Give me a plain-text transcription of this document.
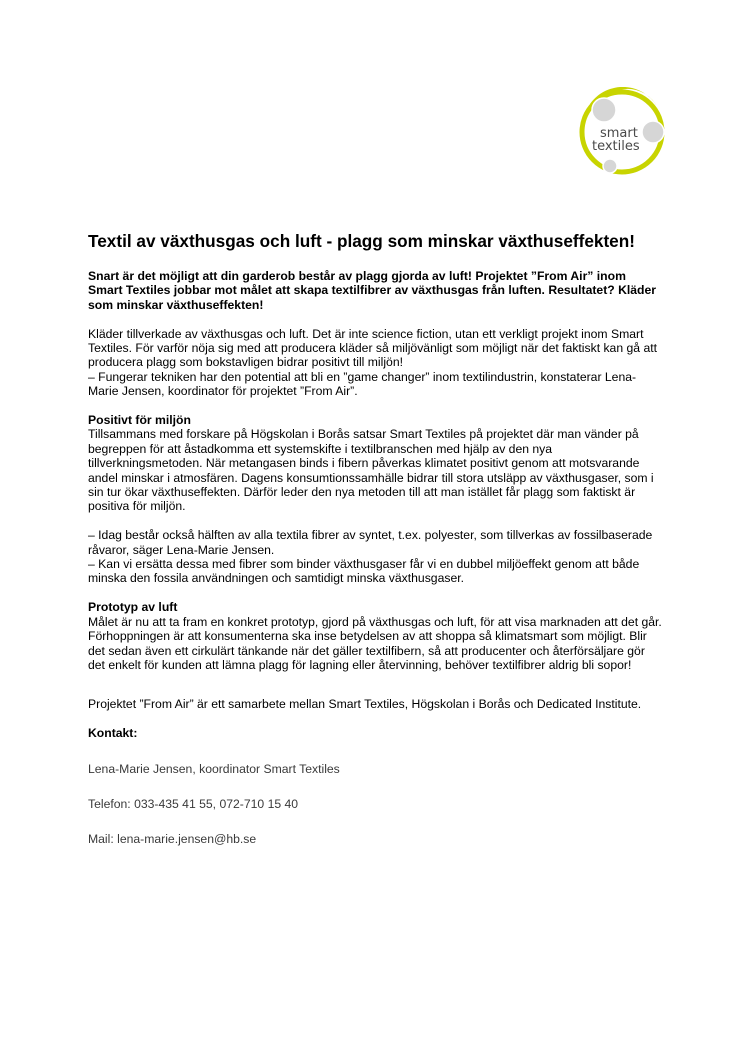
smart
textiles
Textil av växthusgas och luft - plagg som minskar växthuseffekten!

Snart är det möjligt att din garderob består av plagg gjorda av luft! Projektet ”From Air” inom Smart Textiles jobbar mot målet att skapa textilfibrer av växthusgas från luften. Resultatet? Kläder som minskar växthuseffekten!

Kläder tillverkade av växthusgas och luft. Det är inte science fiction, utan ett verkligt projekt inom Smart Textiles. För varför nöja sig med att producera kläder så miljövänligt som möjligt när det faktiskt kan gå att producera plagg som bokstavligen bidrar positivt till miljön!

– Fungerar tekniken har den potential att bli en ”game changer” inom textilindustrin, konstaterar Lena-Marie Jensen, koordinator för projektet ”From Air”.

Positivt för miljön

Tillsammans med forskare på Högskolan i Borås satsar Smart Textiles på projektet där man vänder på begreppen för att åstadkomma ett systemskifte i textilbranschen med hjälp av den nya tillverkningsmetoden. När metangasen binds i fibern påverkas klimatet positivt genom att motsvarande andel minskar i atmosfären. Dagens konsumtionssamhälle bidrar till stora utsläpp av växthusgaser, som i sin tur ökar växthuseffekten. Därför leder den nya metoden till att man istället får plagg som faktiskt är positiva för miljön.

– Idag består också hälften av alla textila fibrer av syntet, t.ex. polyester, som tillverkas av fossilbaserade råvaror, säger Lena-Marie Jensen.

– Kan vi ersätta dessa med fibrer som binder växthusgaser får vi en dubbel miljöeffekt genom att både minska den fossila användningen och samtidigt minska växthusgaser.

Prototyp av luft

Målet är nu att ta fram en konkret prototyp, gjord på växthusgas och luft, för att visa marknaden att det går. Förhoppningen är att konsumenterna ska inse betydelsen av att shoppa så klimatsmart som möjligt. Blir det sedan även ett cirkulärt tänkande när det gäller textilfibern, så att producenter och återförsäljare gör det enkelt för kunden att lämna plagg för lagning eller återvinning, behöver textilfibrer aldrig bli sopor!

Projektet ”From Air” är ett samarbete mellan Smart Textiles, Högskolan i Borås och Dedicated Institute.

Kontakt:

Lena-Marie Jensen, koordinator Smart Textiles

Telefon: 033-435 41 55, 072-710 15 40

Mail: lena-marie.jensen@hb.se
